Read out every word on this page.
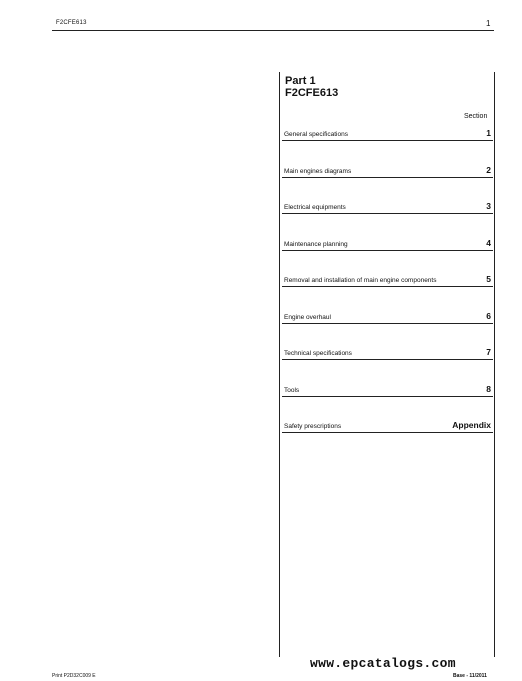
F2CFE613	1
Part 1
F2CFE613
Section
General specifications	1
Main engines diagrams	2
Electrical equipments	3
Maintenance planning	4
Removal and installation of main engine components	5
Engine overhaul	6
Technical specifications	7
Tools	8
Safety prescriptions	Appendix
www.epcatalogs.com
Print P2D32C009 E	Base - 11/2011
